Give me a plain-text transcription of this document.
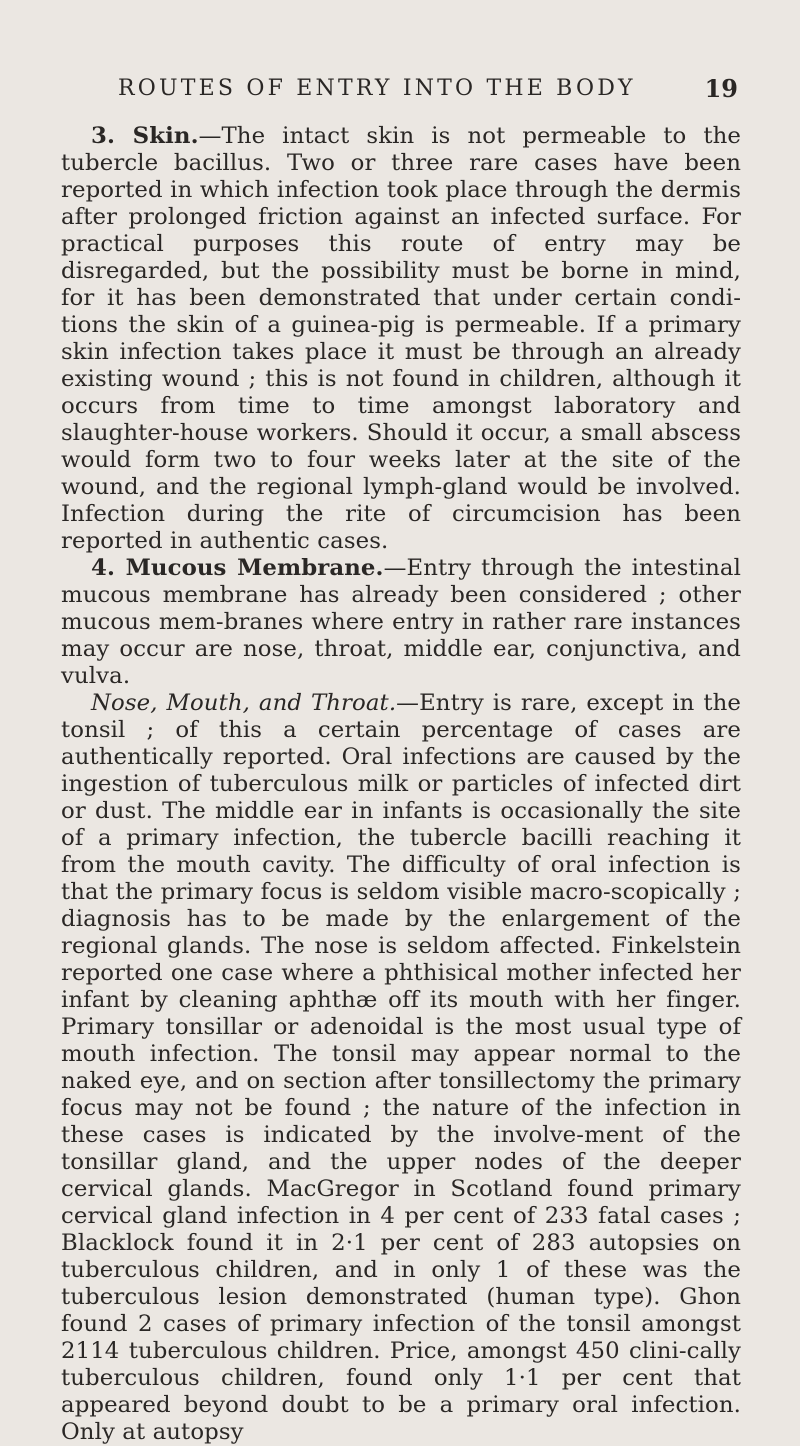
ROUTES OF ENTRY INTO THE BODY	19

3. Skin.—The intact skin is not permeable to the tubercle bacillus. Two or three rare cases have been reported in which infection took place through the dermis after prolonged friction against an infected surface. For practical purposes this route of entry may be disregarded, but the possibility must be borne in mind, for it has been demonstrated that under certain condi-tions the skin of a guinea-pig is permeable. If a primary skin infection takes place it must be through an already existing wound ; this is not found in children, although it occurs from time to time amongst laboratory and slaughter-house workers. Should it occur, a small abscess would form two to four weeks later at the site of the wound, and the regional lymph-gland would be involved. Infection during the rite of circumcision has been reported in authentic cases.

4. Mucous Membrane.—Entry through the intestinal mucous membrane has already been considered ; other mucous mem-branes where entry in rather rare instances may occur are nose, throat, middle ear, conjunctiva, and vulva.

Nose, Mouth, and Throat.—Entry is rare, except in the tonsil ; of this a certain percentage of cases are authentically reported. Oral infections are caused by the ingestion of tuberculous milk or particles of infected dirt or dust. The middle ear in infants is occasionally the site of a primary infection, the tubercle bacilli reaching it from the mouth cavity. The difficulty of oral infection is that the primary focus is seldom visible macro-scopically ; diagnosis has to be made by the enlargement of the regional glands. The nose is seldom affected. Finkelstein reported one case where a phthisical mother infected her infant by cleaning aphthæ off its mouth with her finger. Primary tonsillar or adenoidal is the most usual type of mouth infection. The tonsil may appear normal to the naked eye, and on section after tonsillectomy the primary focus may not be found ; the nature of the infection in these cases is indicated by the involve-ment of the tonsillar gland, and the upper nodes of the deeper cervical glands. MacGregor in Scotland found primary cervical gland infection in 4 per cent of 233 fatal cases ; Blacklock found it in 2·1 per cent of 283 autopsies on tuberculous children, and in only 1 of these was the tuberculous lesion demonstrated (human type). Ghon found 2 cases of primary infection of the tonsil amongst 2114 tuberculous children. Price, amongst 450 clini-cally tuberculous children, found only 1·1 per cent that appeared beyond doubt to be a primary oral infection. Only at autopsy
